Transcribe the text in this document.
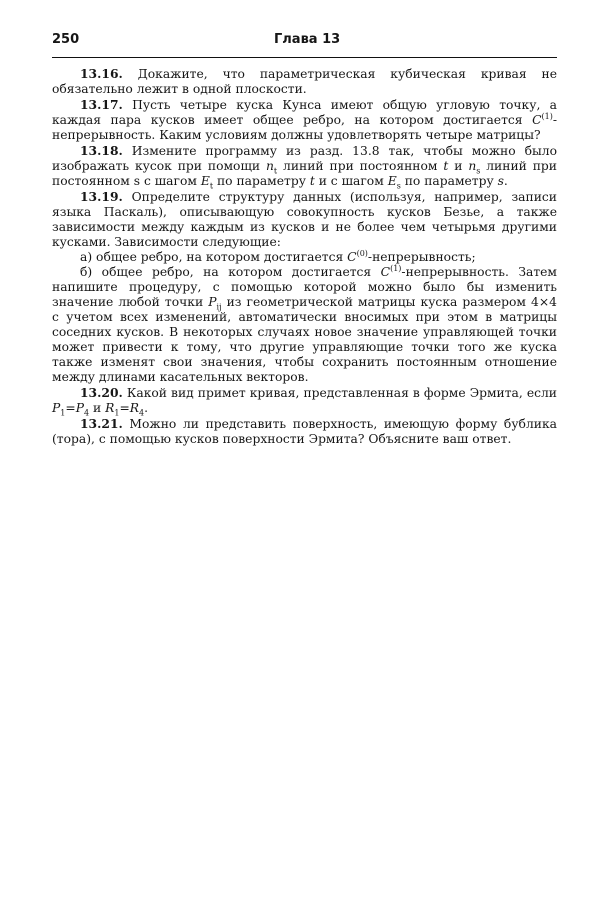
250	Глава 13

13.16. Докажите, что параметрическая кубическая кривая не обязательно лежит в одной плоскости.

13.17. Пусть четыре куска Кунса имеют общую угловую точку, а каждая пара кусков имеет общее ребро, на котором достигается $C^{(1)}$-непрерывность. Каким условиям должны удовлетворять четыре матрицы?

13.18. Измените программу из разд. 13.8 так, чтобы можно было изображать кусок при помощи $n_t$ линий при постоянном t и $n_s$ линий при постоянном s с шагом $E_t$ по параметру t и с шагом $E_s$ по параметру s.

13.19. Определите структуру данных (используя, например, записи языка Паскаль), описывающую совокупность кусков Безье, а также зависимости между каждым из кусков и не более чем четырьмя другими кусками. Зависимости следующие:

а) общее ребро, на котором достигается $C^{(0)}$-непрерывность;

б) общее ребро, на котором достигается $C^{(1)}$-непрерывность. Затем напишите процедуру, с помощью которой можно было бы изменить значение любой точки $P_{ij}$ из геометрической матрицы куска размером 4×4 с учетом всех изменений, автоматически вносимых при этом в матрицы соседних кусков. В некоторых случаях новое значение управляющей точки может привести к тому, что другие управляющие точки того же куска также изменят свои значения, чтобы сохранить постоянным отношение между длинами касательных векторов.

13.20. Какой вид примет кривая, представленная в форме Эрмита, если $P_1=P_4$ и $R_1=R_4$.

13.21. Можно ли представить поверхность, имеющую форму бублика (тора), с помощью кусков поверхности Эрмита? Объясните ваш ответ.
